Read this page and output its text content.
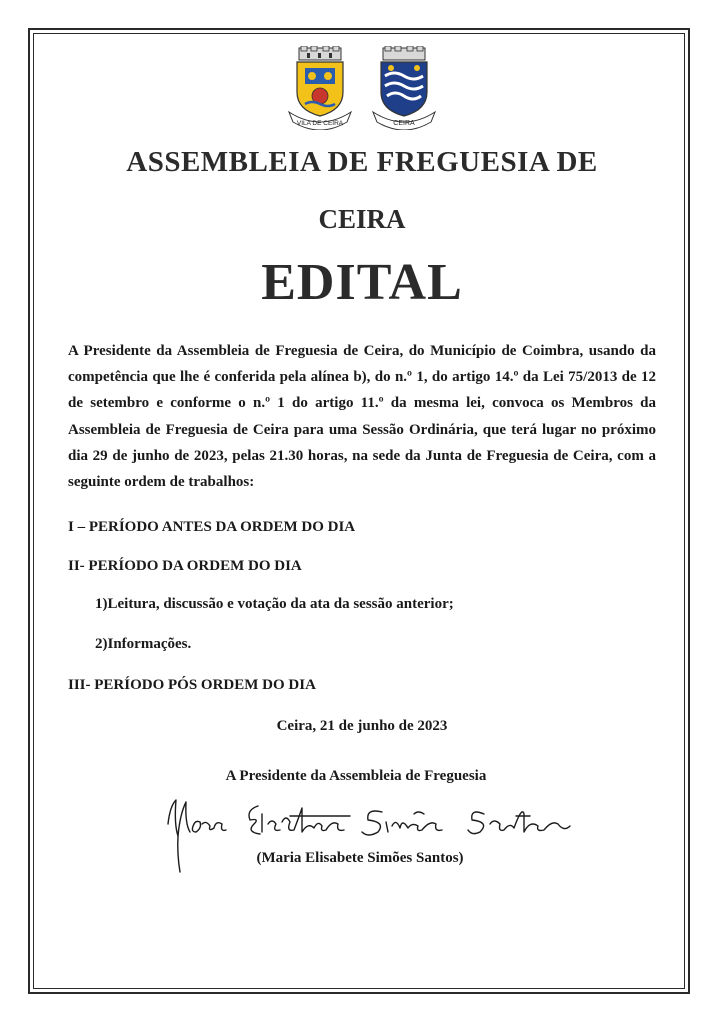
VILA DE CEIRA	CEIRA
ASSEMBLEIA DE FREGUESIA DE
CEIRA
EDITAL

A Presidente da Assembleia de Freguesia de Ceira, do Município de Coimbra, usando da competência que lhe é conferida pela alínea b), do n.º 1, do artigo 14.º da Lei 75/2013 de 12 de setembro e conforme o n.º 1 do artigo 11.º da mesma lei, convoca os Membros da Assembleia de Freguesia de Ceira para uma Sessão Ordinária, que terá lugar no próximo dia 29 de junho de 2023, pelas 21.30 horas, na sede da Junta de Freguesia de Ceira, com a seguinte ordem de trabalhos:

I – PERÍODO ANTES DA ORDEM DO DIA

II- PERÍODO DA ORDEM DO DIA

1)Leitura, discussão e votação da ata da sessão anterior;

2)Informações.

III- PERÍODO PÓS ORDEM DO DIA

Ceira, 21 de junho de 2023

A Presidente da Assembleia de Freguesia

(Maria Elisabete Simões Santos)
